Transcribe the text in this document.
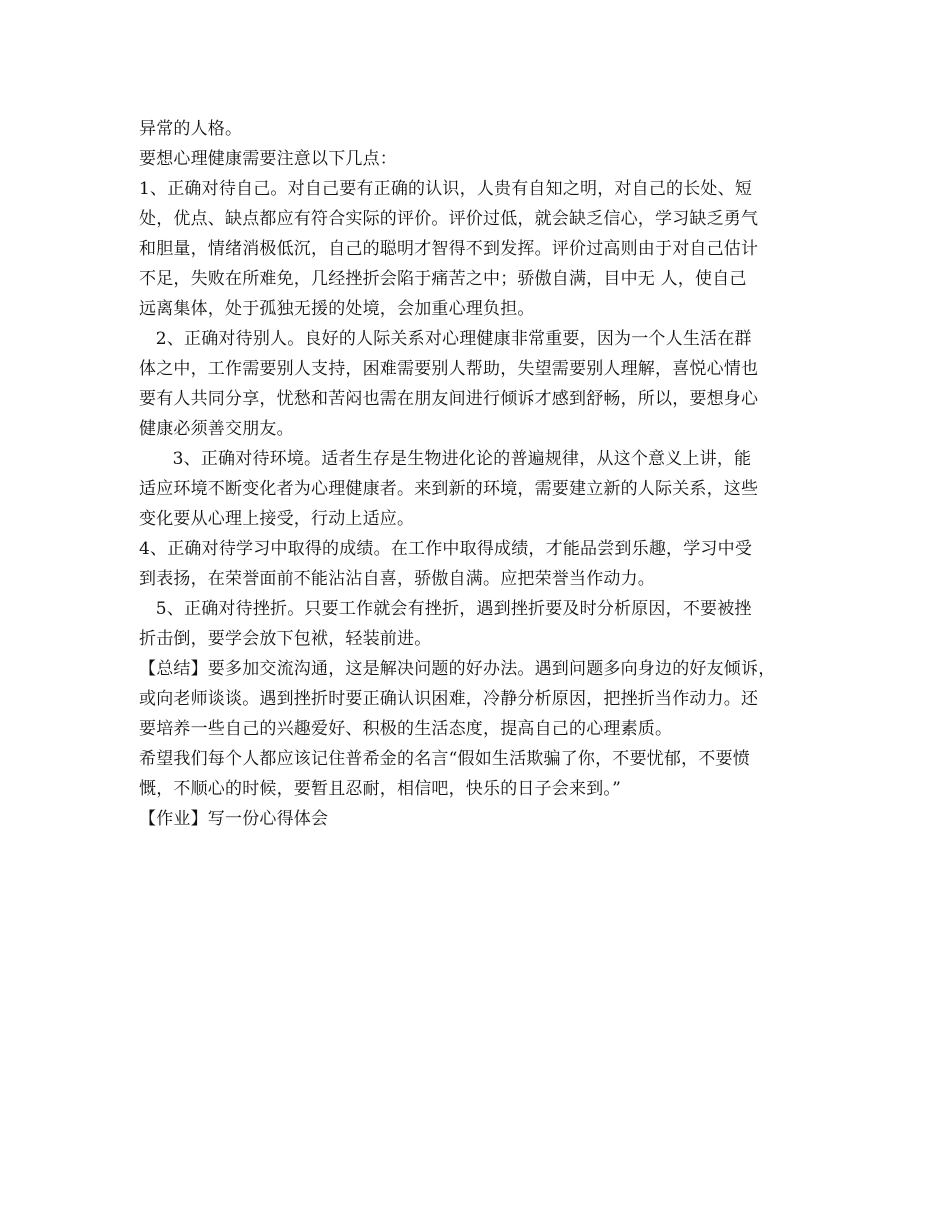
异常的人格。
要想心理健康需要注意以下几点：
1、正确对待自己。对自己要有正确的认识，人贵有自知之明，对自己的长处、短
处，优点、缺点都应有符合实际的评价。评价过低，就会缺乏信心，学习缺乏勇气
和胆量，情绪消极低沉，自己的聪明才智得不到发挥。评价过高则由于对自己估计
不足，失败在所难免，几经挫折会陷于痛苦之中；骄傲自满，目中无 人，使自己
远离集体，处于孤独无援的处境，会加重心理负担。
2、正确对待别人。良好的人际关系对心理健康非常重要，因为一个人生活在群
体之中，工作需要别人支持，困难需要别人帮助，失望需要别人理解，喜悦心情也
要有人共同分享，忧愁和苦闷也需在朋友间进行倾诉才感到舒畅，所以，要想身心
健康必须善交朋友。
3、正确对待环境。适者生存是生物进化论的普遍规律，从这个意义上讲，能
适应环境不断变化者为心理健康者。来到新的环境，需要建立新的人际关系，这些
变化要从心理上接受，行动上适应。
4、正确对待学习中取得的成绩。在工作中取得成绩，才能品尝到乐趣，学习中受
到表扬，在荣誉面前不能沾沾自喜，骄傲自满。应把荣誉当作动力。
5、正确对待挫折。只要工作就会有挫折，遇到挫折要及时分析原因，不要被挫
折击倒，要学会放下包袱，轻装前进。
【总结】要多加交流沟通，这是解决问题的好办法。遇到问题多向身边的好友倾诉，
或向老师谈谈。遇到挫折时要正确认识困难，冷静分析原因，把挫折当作动力。还
要培养一些自己的兴趣爱好、积极的生活态度，提高自己的心理素质。
希望我们每个人都应该记住普希金的名言“假如生活欺骗了你，不要忧郁，不要愤
慨，不顺心的时候，要暂且忍耐，相信吧，快乐的日子会来到。”
【作业】写一份心得体会
